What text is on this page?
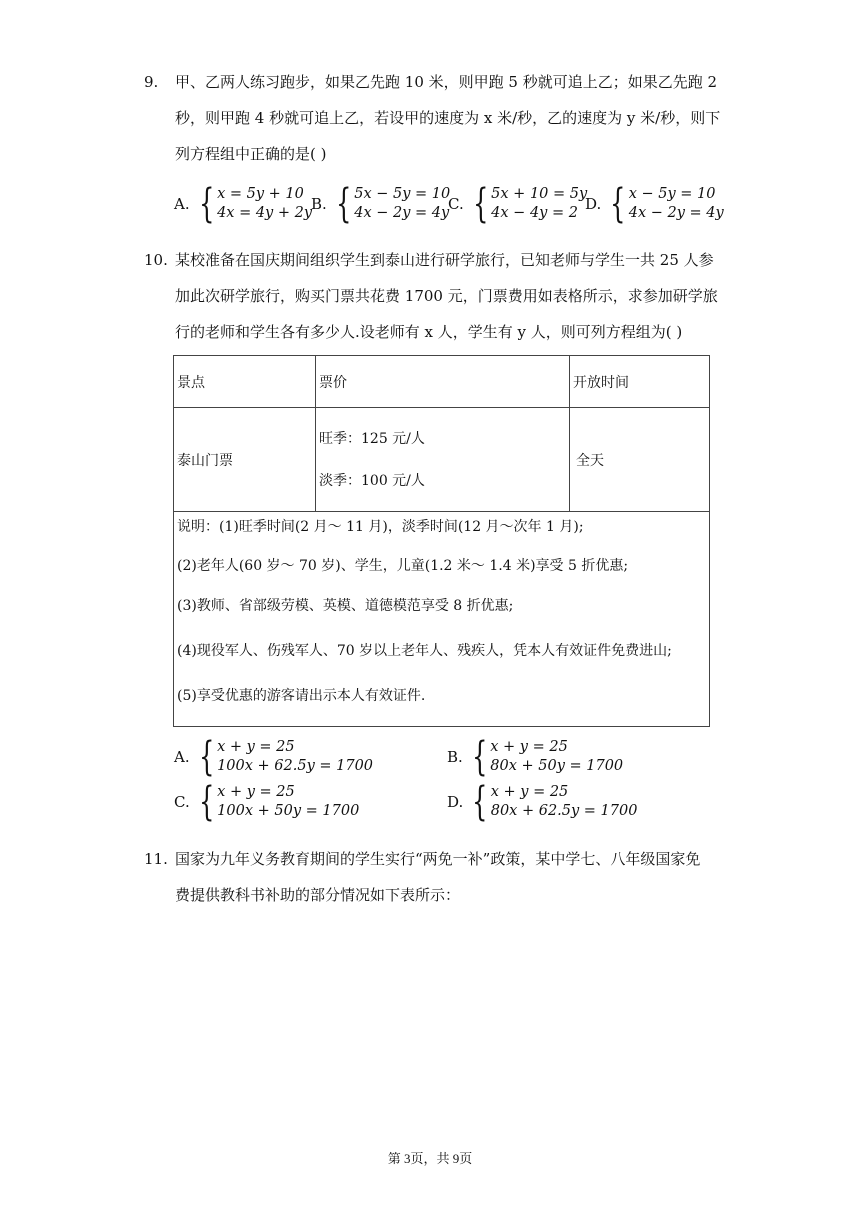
9. 甲、乙两人练习跑步，如果乙先跑 10 米，则甲跑 5 秒就可追上乙；如果乙先跑 2
秒，则甲跑 4 秒就可追上乙，若设甲的速度为 x 米/秒，乙的速度为 y 米/秒，则下
列方程组中正确的是( )
A. { x = 5y + 10
4x = 4y + 2y
B. { 5x − 5y = 10
4x − 2y = 4y
C. { 5x + 10 = 5y
4x − 4y = 2 D. { x − 5y = 10
4x − 2y = 4y
10. 某校准备在国庆期间组织学生到泰山进行研学旅行，已知老师与学生一共 25 人参
加此次研学旅行，购买门票共花费 1700 元，门票费用如表格所示，求参加研学旅
行的老师和学生各有多少人.设老师有 x 人，学生有 y 人，则可列方程组为( )
景点	票价	开放时间
泰山门票	旺季：125 元/人
淡季：100 元/人	全天

说明：(1)旺季时间(2 月～ 11 月)，淡季时间(12 月～次年 1 月);
(2)老年人(60 岁～ 70 岁)、学生，儿童(1.2 米～ 1.4 米)享受 5 折优惠;
(3)教师、省部级劳模、英模、道德模范享受 8 折优惠;
(4)现役军人、伤残军人、70 岁以上老年人、残疾人，凭本人有效证件免费进山;
(5)享受优惠的游客请出示本人有效证件.		
A. { x + y = 25
100x + 62.5y = 1700	B. { x + y = 25
80x + 50y = 1700
C. { x + y = 25
100x + 50y = 1700	D. { x + y = 25
80x + 62.5y = 1700
11. 国家为九年义务教育期间的学生实行“两免一补”政策，某中学七、八年级国家免
费提供教科书补助的部分情况如下表所示：
第 3页，共 9页
